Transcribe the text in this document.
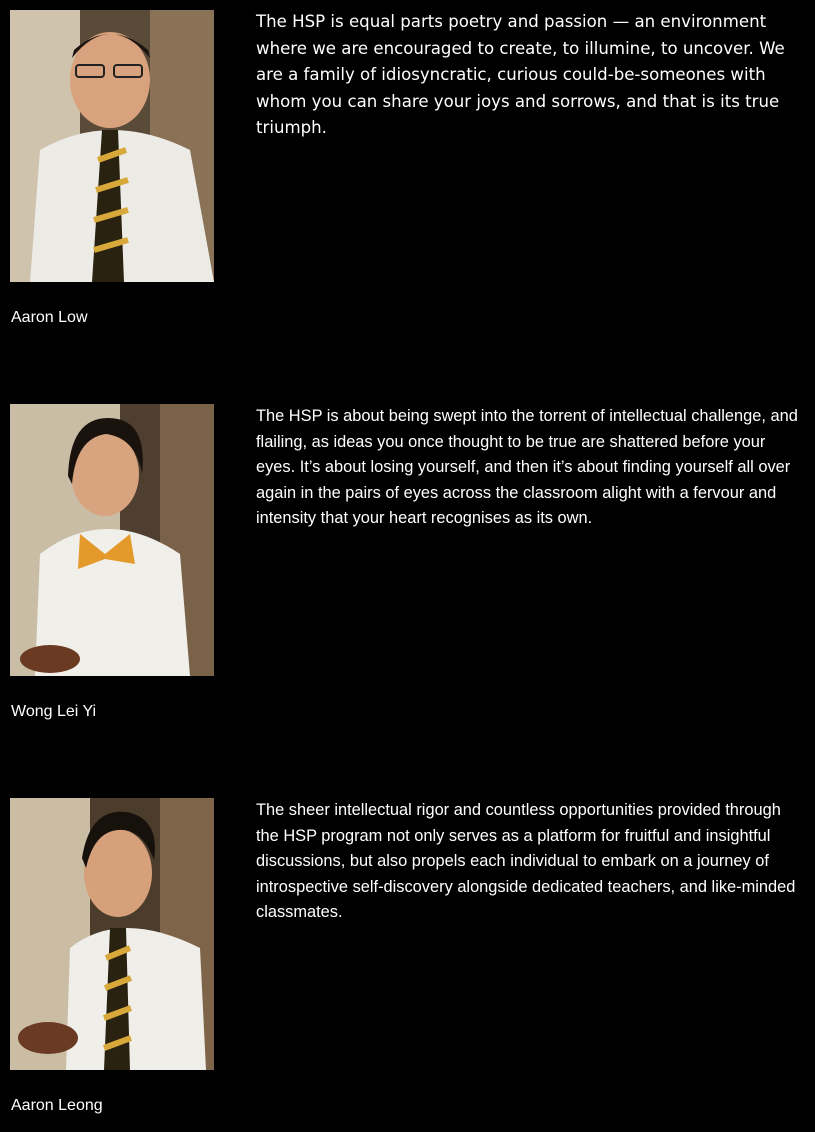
The HSP is equal parts poetry and passion — an environment where we are encouraged to create, to illumine, to uncover. We are a family of idiosyncratic, curious could-be-someones with whom you can share your joys and sorrows, and that is its true triumph.

Aaron Low

The HSP is about being swept into the torrent of intellectual challenge, and flailing, as ideas you once thought to be true are shattered before your eyes. It’s about losing yourself, and then it’s about finding yourself all over again in the pairs of eyes across the classroom alight with a fervour and intensity that your heart recognises as its own.

Wong Lei Yi

The sheer intellectual rigor and countless opportunities provided through the HSP program not only serves as a platform for fruitful and insightful discussions, but also propels each individual to embark on a journey of introspective self-discovery alongside dedicated teachers, and like-minded classmates.

Aaron Leong
